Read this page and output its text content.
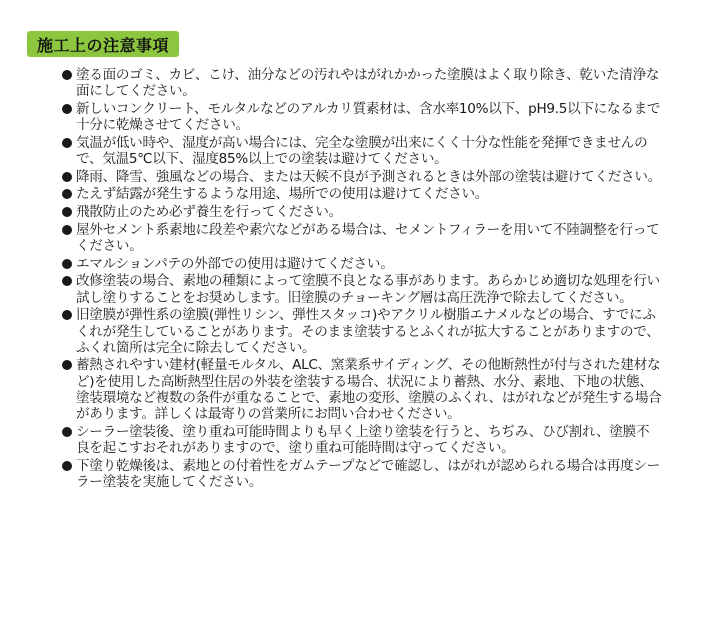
施工上の注意事項
塗る面のゴミ、カビ、こけ、油分などの汚れやはがれかかった塗膜はよく取り除き、乾いた清浄な面にしてください。
新しいコンクリート、モルタルなどのアルカリ質素材は、含水率10%以下、pH9.5以下になるまで十分に乾燥させてください。
気温が低い時や、湿度が高い場合には、完全な塗膜が出来にくく十分な性能を発揮できませんので、気温5℃以下、湿度85%以上での塗装は避けてください。
降雨、降雪、強風などの場合、または天候不良が予測されるときは外部の塗装は避けてください。
たえず結露が発生するような用途、場所での使用は避けてください。
飛散防止のため必ず養生を行ってください。
屋外セメント系素地に段差や素穴などがある場合は、セメントフィラーを用いて不陸調整を行ってください。
エマルションパテの外部での使用は避けてください。
改修塗装の場合、素地の種類によって塗膜不良となる事があります。あらかじめ適切な処理を行い試し塗りすることをお奨めします。旧塗膜のチョーキング層は高圧洗浄で除去してください。
旧塗膜が弾性系の塗膜(弾性リシン、弾性スタッコ)やアクリル樹脂エナメルなどの場合、すでにふくれが発生していることがあります。そのまま塗装するとふくれが拡大することがありますので、ふくれ箇所は完全に除去してください。
蓄熱されやすい建材(軽量モルタル、ALC、窯業系サイディング、その他断熱性が付与された建材など)を使用した高断熱型住居の外装を塗装する場合、状況により蓄熱、水分、素地、下地の状態、塗装環境など複数の条件が重なることで、素地の変形、塗膜のふくれ、はがれなどが発生する場合があります。詳しくは最寄りの営業所にお問い合わせください。
シーラー塗装後、塗り重ね可能時間よりも早く上塗り塗装を行うと、ちぢみ、ひび割れ、塗膜不良を起こすおそれがありますので、塗り重ね可能時間は守ってください。
下塗り乾燥後は、素地との付着性をガムテープなどで確認し、はがれが認められる場合は再度シーラー塗装を実施してください。
